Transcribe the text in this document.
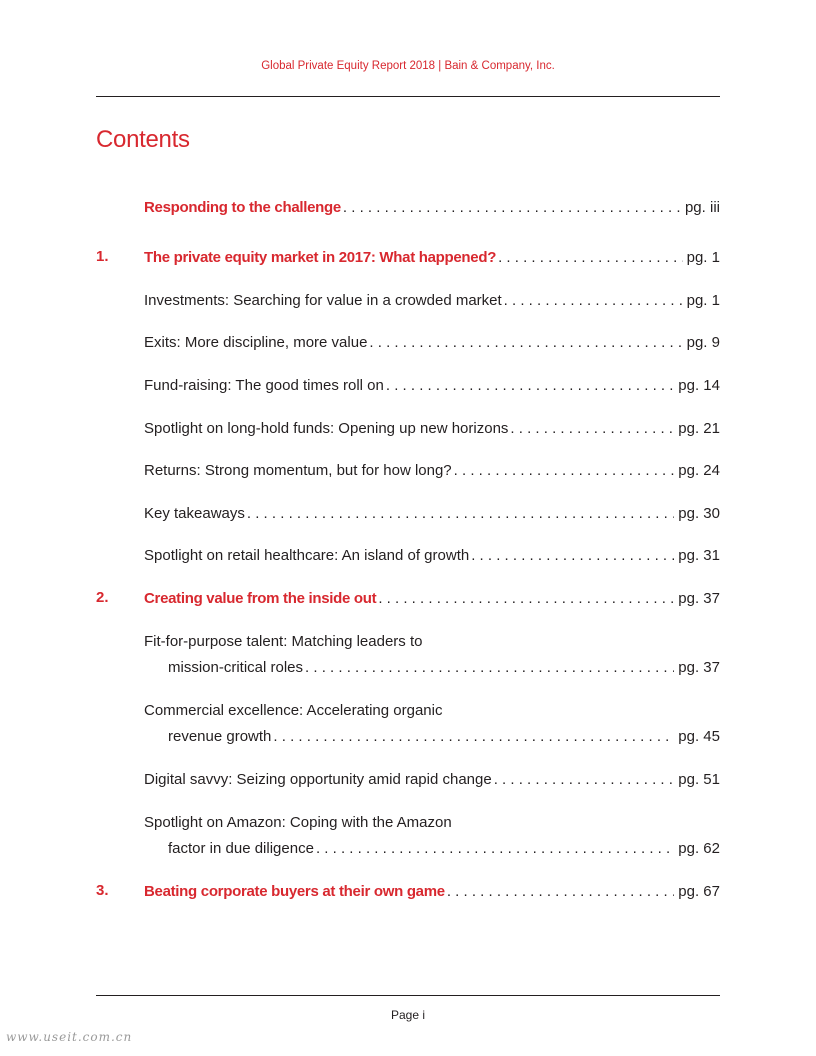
Global Private Equity Report 2018 | Bain & Company, Inc.
Contents
Responding to the challenge . . .	pg. iii
1. The private equity market in 2017: What happened? . . .	pg. 1
Investments: Searching for value in a crowded market . . .	pg. 1
Exits: More discipline, more value . . .	pg. 9
Fund-raising: The good times roll on . . .	pg. 14
Spotlight on long-hold funds: Opening up new horizons . . .	pg. 21
Returns: Strong momentum, but for how long? . . .	pg. 24
Key takeaways . . .	pg. 30
Spotlight on retail healthcare: An island of growth . . .	pg. 31
2. Creating value from the inside out . . .	pg. 37
Fit-for-purpose talent: Matching leaders to
mission-critical roles . . .	pg. 37
Commercial excellence: Accelerating organic
revenue growth . . .	pg. 45
Digital savvy: Seizing opportunity amid rapid change . . .	pg. 51
Spotlight on Amazon: Coping with the Amazon
factor in due diligence . . .	pg. 62
3. Beating corporate buyers at their own game . . .	pg. 67
Page i
www.useit.com.cn
